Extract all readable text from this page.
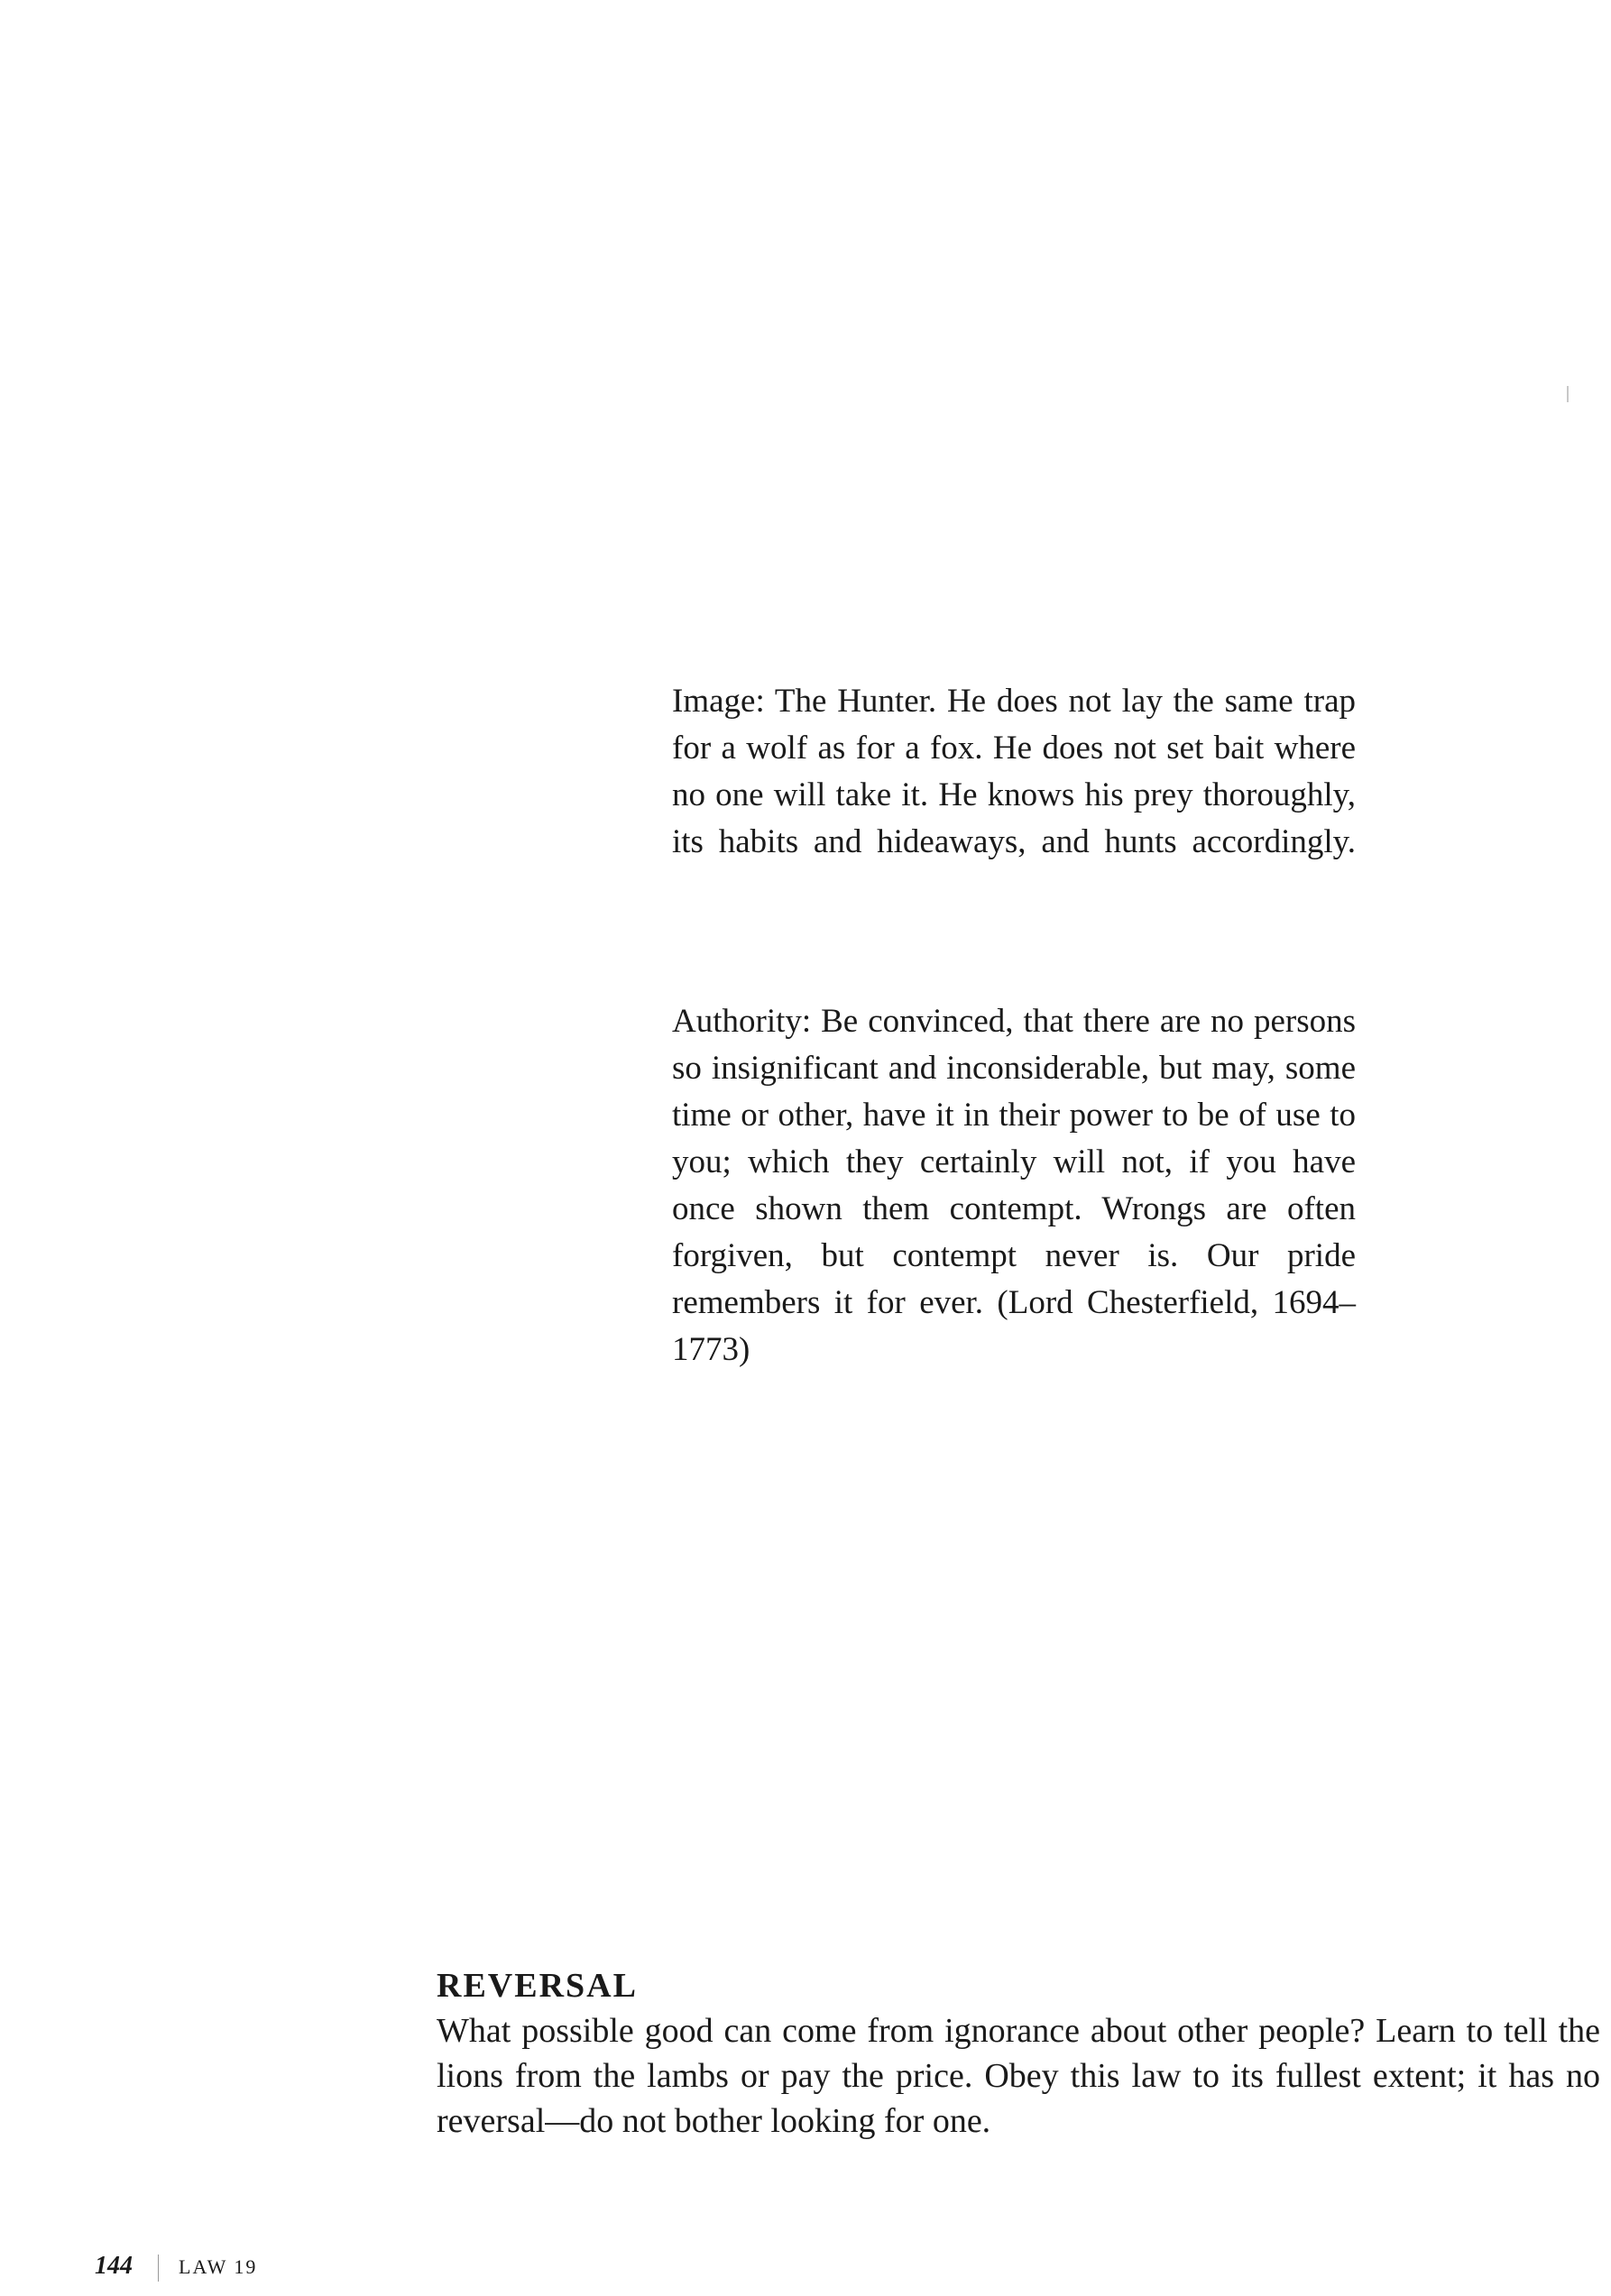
Image: The Hunter. He does not lay the same trap for a wolf as for a fox. He does not set bait where no one will take it. He knows his prey thoroughly, its habits and hideaways, and hunts accordingly.

Authority: Be convinced, that there are no persons so insignificant and inconsiderable, but may, some time or other, have it in their power to be of use to you; which they certainly will not, if you have once shown them contempt. Wrongs are often forgiven, but contempt never is. Our pride remembers it for ever. (Lord Chesterfield, 1694–1773)

REVERSAL

What possible good can come from ignorance about other people? Learn to tell the lions from the lambs or pay the price. Obey this law to its fullest extent; it has no reversal—do not bother looking for one.

144 LAW 19
